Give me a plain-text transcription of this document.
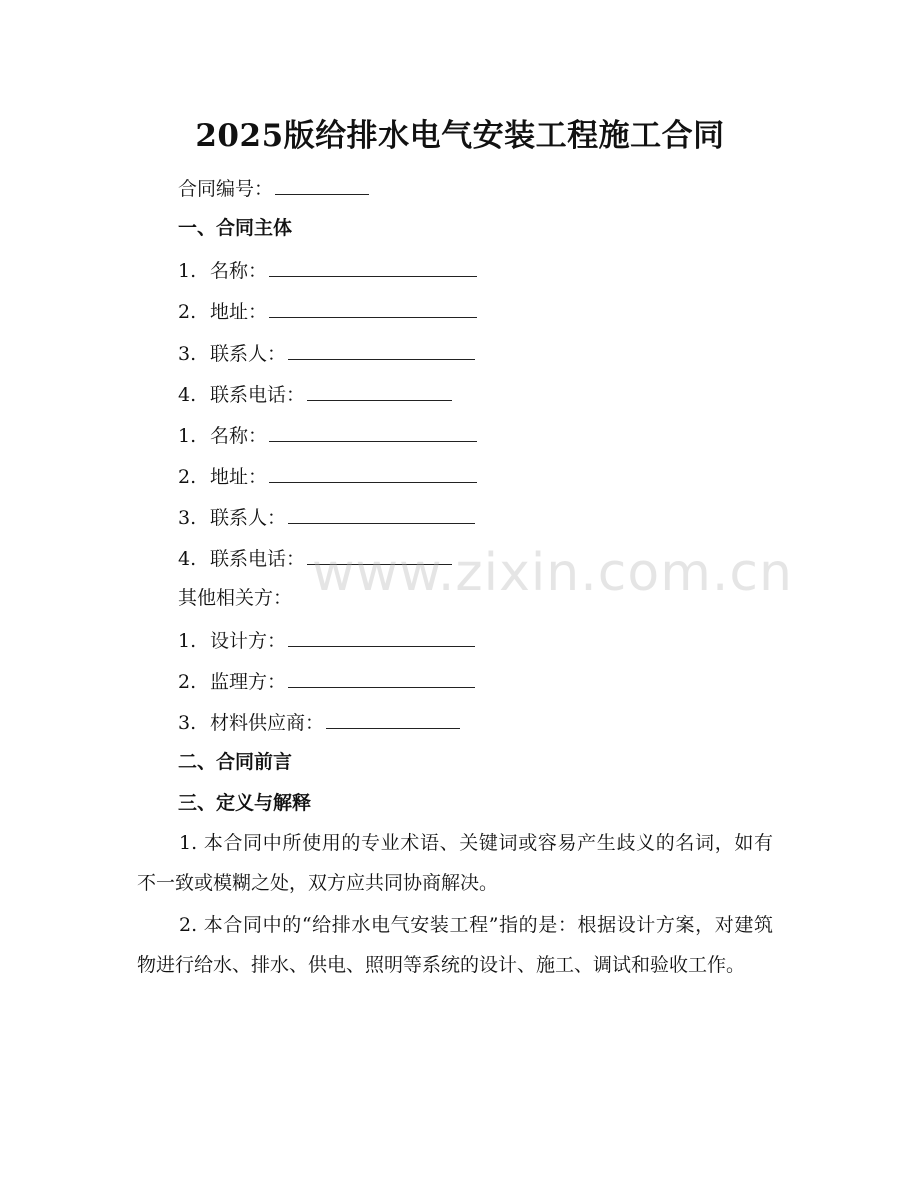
2025版给排水电气安装工程施工合同
合同编号：
一、合同主体
1. 名称：
2. 地址：
3. 联系人：
4. 联系电话：
1. 名称：
2. 地址：
3. 联系人：
4. 联系电话：
其他相关方：
1. 设计方：
2. 监理方：
3. 材料供应商：
二、合同前言
三、定义与解释
1. 本合同中所使用的专业术语、关键词或容易产生歧义的名词，如有不一致或模糊之处，双方应共同协商解决。
2. 本合同中的“给排水电气安装工程”指的是：根据设计方案，对建筑物进行给水、排水、供电、照明等系统的设计、施工、调试和验收工作。
www.zixin.com.cn
